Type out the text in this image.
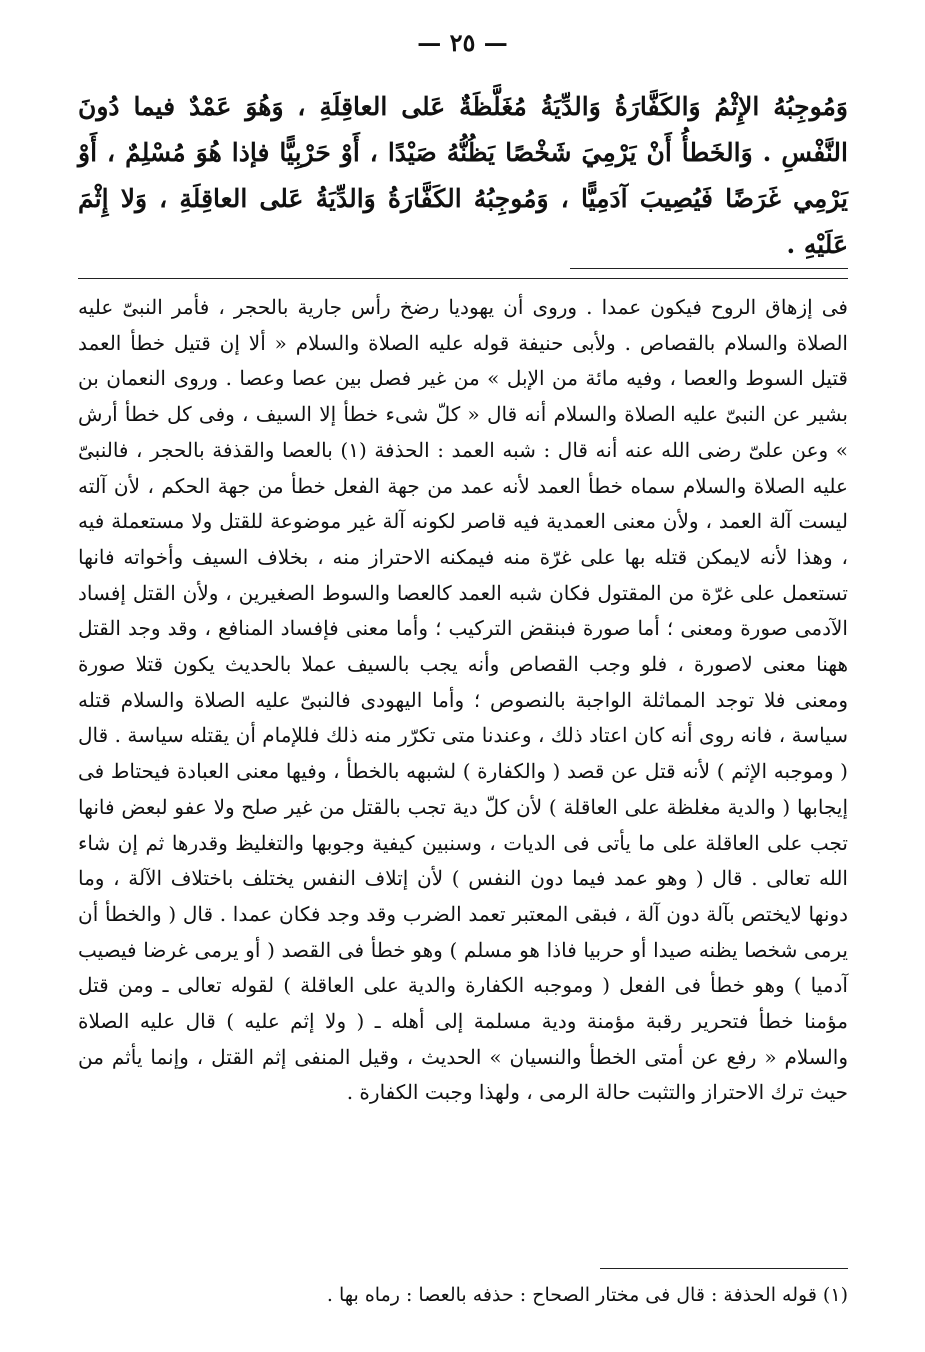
— ٢٥ —

وَمُوجِبُهُ الإِثْمُ وَالكَفَّارَةُ وَالدِّيَةُ مُغَلَّظَةٌ عَلى العاقِلَةِ ، وَهُوَ عَمْدٌ فيما دُونَ النَّفْسِ . وَالخَطأُ أَنْ يَرْمِيَ شَخْصًا يَظُنُّهُ صَيْدًا ، أَوْ حَرْبِيًّا فإذا هُوَ مُسْلِمٌ ، أَوْ يَرْمِي غَرَضًا فَيُصِيبَ آدَمِيًّا ، وَمُوجِبُهُ الكَفَّارَةُ وَالدِّيَةُ عَلى العاقِلَةِ ، وَلا إِثْمَ عَلَيْهِ .

فى إزهاق الروح فيكون عمدا . وروى أن يهوديا رضخ رأس جارية بالحجر ، فأمر النبىّ عليه الصلاة والسلام بالقصاص . ولأبى حنيفة قوله عليه الصلاة والسلام « ألا إن قتيل خطأ العمد قتيل السوط والعصا ، وفيه مائة من الإبل » من غير فصل بين عصا وعصا . وروى النعمان بن بشير عن النبىّ عليه الصلاة والسلام أنه قال « كلّ شىء خطأ إلا السيف ، وفى كل خطأ أرش » وعن علىّ رضى الله عنه أنه قال : شبه العمد : الحذفة (١) بالعصا والقذفة بالحجر ، فالنبىّ عليه الصلاة والسلام سماه خطأ العمد لأنه عمد من جهة الفعل خطأ من جهة الحكم ، لأن آلته ليست آلة العمد ، ولأن معنى العمدية فيه قاصر لكونه آلة غير موضوعة للقتل ولا مستعملة فيه ، وهذا لأنه لايمكن قتله بها على غرّة منه فيمكنه الاحتراز منه ، بخلاف السيف وأخواته فانها تستعمل على غرّة من المقتول فكان شبه العمد كالعصا والسوط الصغيرين ، ولأن القتل إفساد الآدمى صورة ومعنى ؛ أما صورة فبنقض التركيب ؛ وأما معنى فإفساد المنافع ، وقد وجد القتل ههنا معنى لاصورة ، فلو وجب القصاص وأنه يجب بالسيف عملا بالحديث يكون قتلا صورة ومعنى فلا توجد المماثلة الواجبة بالنصوص ؛ وأما اليهودى فالنبىّ عليه الصلاة والسلام قتله سياسة ، فانه روى أنه كان اعتاد ذلك ، وعندنا متى تكرّر منه ذلك فللإمام أن يقتله سياسة . قال ( وموجبه الإثم ) لأنه قتل عن قصد ( والكفارة ) لشبهه بالخطأ ، وفيها معنى العبادة فيحتاط فى إيجابها ( والدية مغلظة على العاقلة ) لأن كلّ دية تجب بالقتل من غير صلح ولا عفو لبعض فانها تجب على العاقلة على ما يأتى فى الديات ، وسنبين كيفية وجوبها والتغليظ وقدرها ثم إن شاء الله تعالى . قال ( وهو عمد فيما دون النفس ) لأن إتلاف النفس يختلف باختلاف الآلة ، وما دونها لايختص بآلة دون آلة ، فبقى المعتبر تعمد الضرب وقد وجد فكان عمدا . قال ( والخطأ أن يرمى شخصا يظنه صيدا أو حربيا فاذا هو مسلم ) وهو خطأ فى القصد ( أو يرمى غرضا فيصيب آدميا ) وهو خطأ فى الفعل ( وموجبه الكفارة والدية على العاقلة ) لقوله تعالى ـ ومن قتل مؤمنا خطأ فتحرير رقبة مؤمنة ودية مسلمة إلى أهله ـ ( ولا إثم عليه ) قال عليه الصلاة والسلام « رفع عن أمتى الخطأ والنسيان » الحديث ، وقيل المنفى إثم القتل ، وإنما يأثم من حيث ترك الاحتراز والتثبت حالة الرمى ، ولهذا وجبت الكفارة .

(١) قوله الحذفة : قال فى مختار الصحاح : حذفه بالعصا : رماه بها .
